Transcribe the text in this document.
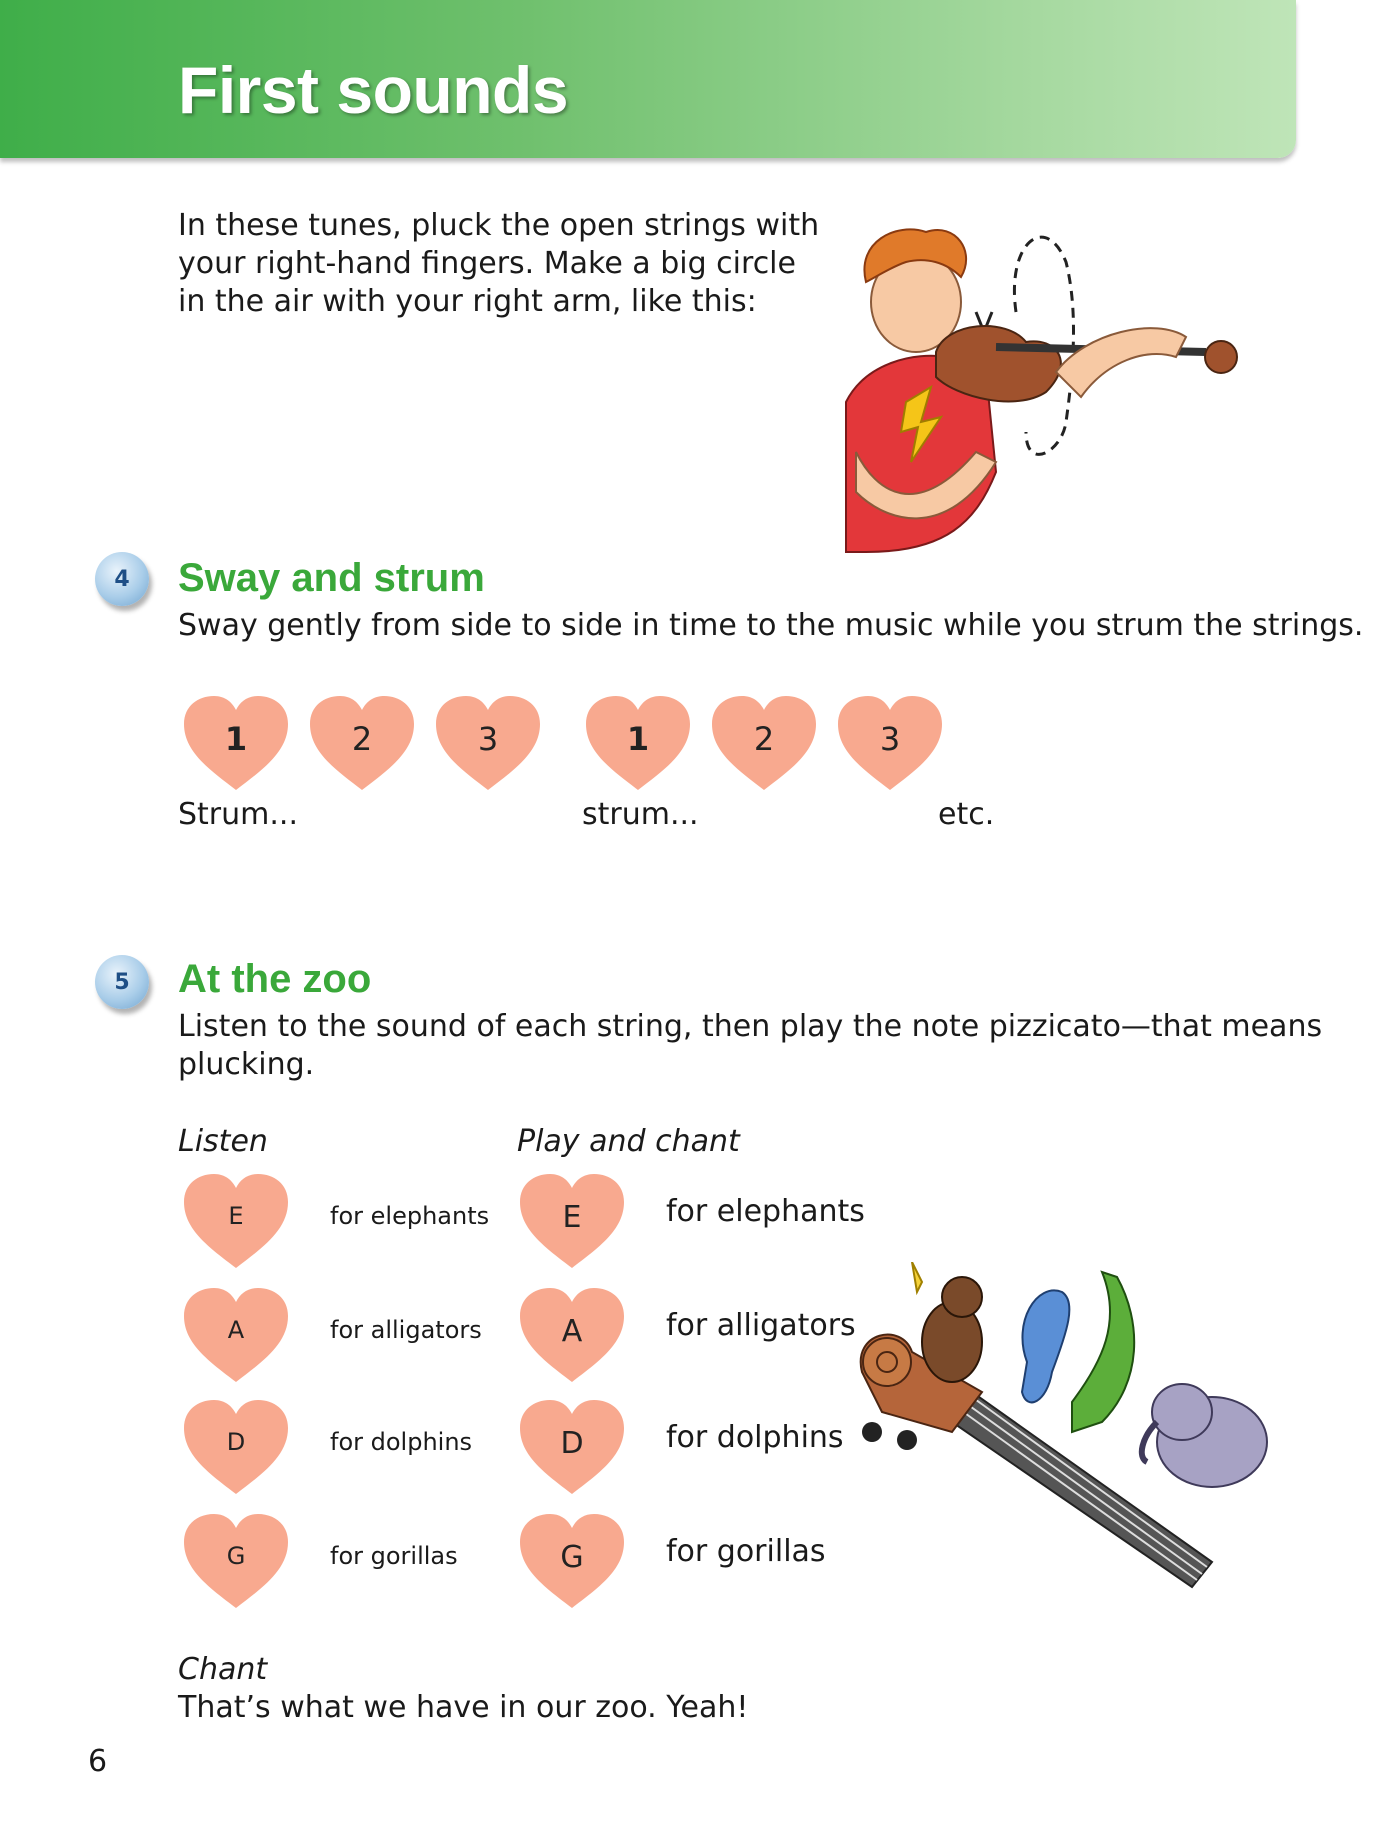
First sounds

In these tunes, pluck the open strings with

your right-hand fingers. Make a big circle

in the air with your right arm, like this:

4	Sway and strum

Sway gently from side to side in time to the music while you strum the strings.

1	2	3	1	2	3

Strum...	strum...	etc.

5	At the zoo

Listen to the sound of each string, then play the note pizzicato—that means

plucking.

Listen	Play and chant

E	for elephants	E	for elephants

A	for alligators	A	for alligators

D	for dolphins	D	for dolphins

G	for gorillas	G	for gorillas

Chant

That’s what we have in our zoo. Yeah!

6
